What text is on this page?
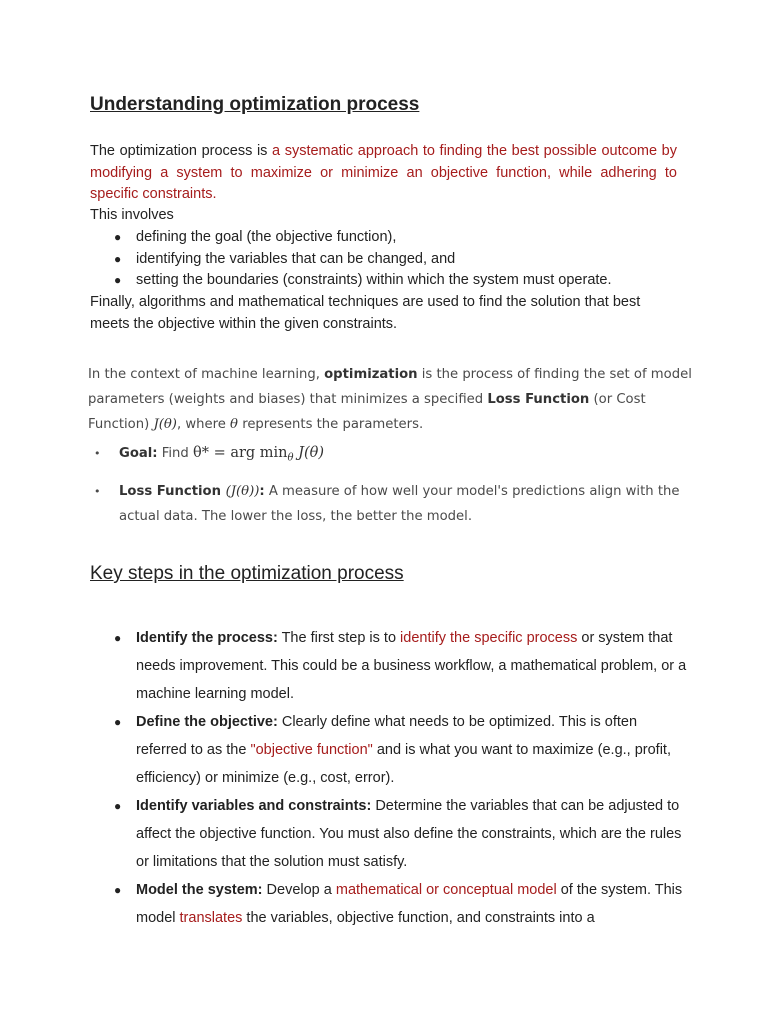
Understanding optimization process

The optimization process is a systematic approach to finding the best possible outcome by modifying a system to maximize or minimize an objective function, while adhering to specific constraints.

This involves

● defining the goal (the objective function),
● identifying the variables that can be changed, and
● setting the boundaries (constraints) within which the system must operate.

Finally, algorithms and mathematical techniques are used to find the solution that best meets the objective within the given constraints.

In the context of machine learning, optimization is the process of finding the set of model parameters (weights and biases) that minimizes a specified Loss Function (or Cost Function) J(θ), where θ represents the parameters.

• Goal: Find θ* = arg $\min_\theta J(\theta)$
• Loss Function (J(θ)): A measure of how well your model's predictions align with the actual data. The lower the loss, the better the model.
Key steps in the optimization process
● Identify the process: The first step is to identify the specific process or system that needs improvement. This could be a business workflow, a mathematical problem, or a machine learning model.
● Define the objective: Clearly define what needs to be optimized. This is often referred to as the "objective function" and is what you want to maximize (e.g., profit, efficiency) or minimize (e.g., cost, error).
● Identify variables and constraints: Determine the variables that can be adjusted to affect the objective function. You must also define the constraints, which are the rules or limitations that the solution must satisfy.
● Model the system: Develop a mathematical or conceptual model of the system. This model translates the variables, objective function, and constraints into a
